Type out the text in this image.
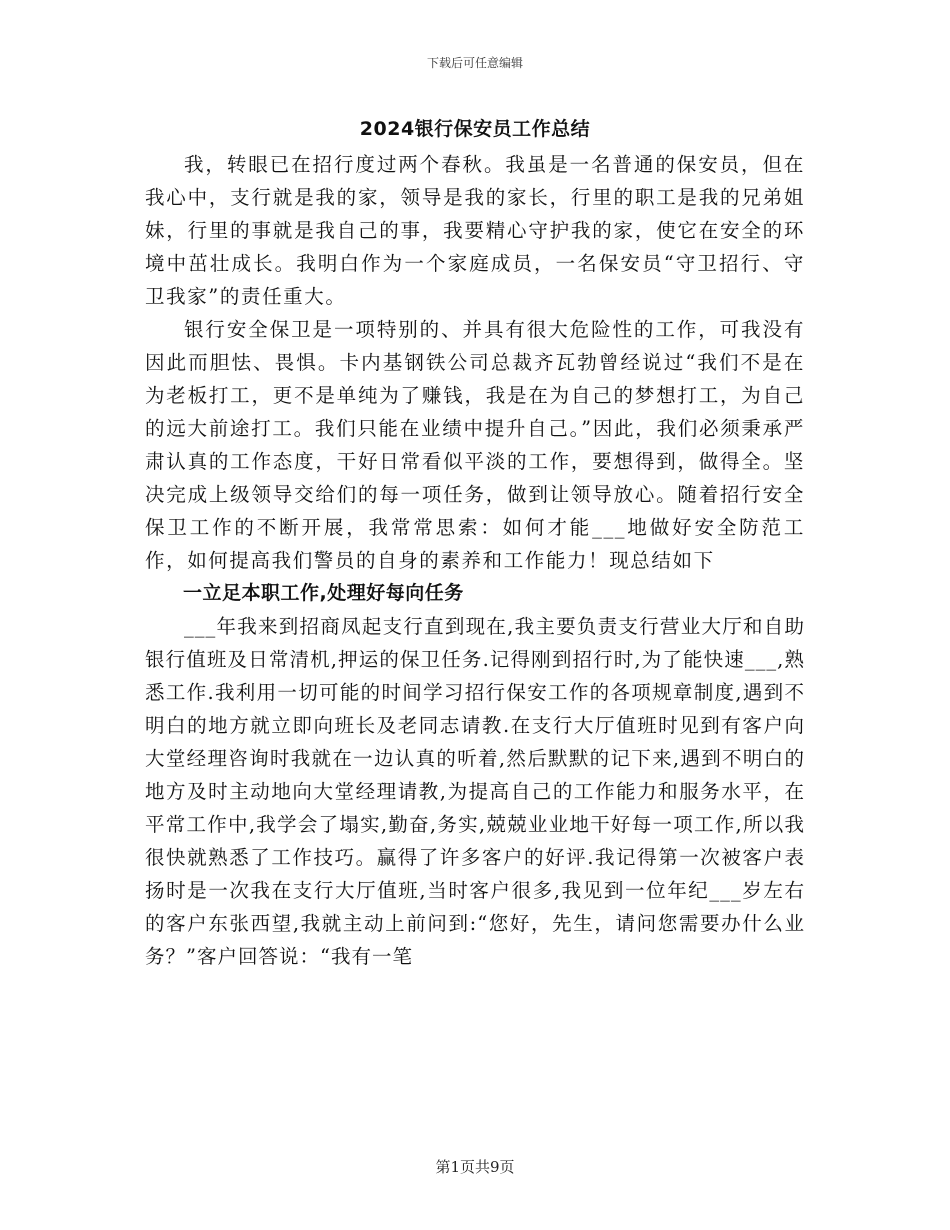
下载后可任意编辑
2024银行保安员工作总结

我，转眼已在招行度过两个春秋。我虽是一名普通的保安员，但在我心中，支行就是我的家，领导是我的家长，行里的职工是我的兄弟姐妹，行里的事就是我自己的事，我要精心守护我的家，使它在安全的环境中茁壮成长。我明白作为一个家庭成员，一名保安员“守卫招行、守卫我家”的责任重大。

银行安全保卫是一项特别的、并具有很大危险性的工作，可我没有因此而胆怯、畏惧。卡内基钢铁公司总裁齐瓦勃曾经说过“我们不是在为老板打工，更不是单纯为了赚钱，我是在为自己的梦想打工，为自己的远大前途打工。我们只能在业绩中提升自己。”因此，我们必须秉承严肃认真的工作态度，干好日常看似平淡的工作，要想得到，做得全。坚决完成上级领导交给们的每一项任务，做到让领导放心。随着招行安全保卫工作的不断开展，我常常思索：如何才能___地做好安全防范工作，如何提高我们警员的自身的素养和工作能力！现总结如下

一立足本职工作,处理好每向任务

___年我来到招商凤起支行直到现在,我主要负责支行营业大厅和自助银行值班及日常清机,押运的保卫任务.记得刚到招行时,为了能快速___,熟悉工作.我利用一切可能的时间学习招行保安工作的各项规章制度,遇到不明白的地方就立即向班长及老同志请教.在支行大厅值班时见到有客户向大堂经理咨询时我就在一边认真的听着,然后默默的记下来,遇到不明白的地方及时主动地向大堂经理请教,为提高自己的工作能力和服务水平，在平常工作中,我学会了塌实,勤奋,务实,兢兢业业地干好每一项工作,所以我很快就熟悉了工作技巧。赢得了许多客户的好评.我记得第一次被客户表扬时是一次我在支行大厅值班,当时客户很多,我见到一位年纪___岁左右的客户东张西望,我就主动上前问到:“您好，先生，请问您需要办什么业务？”客户回答说：“我有一笔

第1页共9页
